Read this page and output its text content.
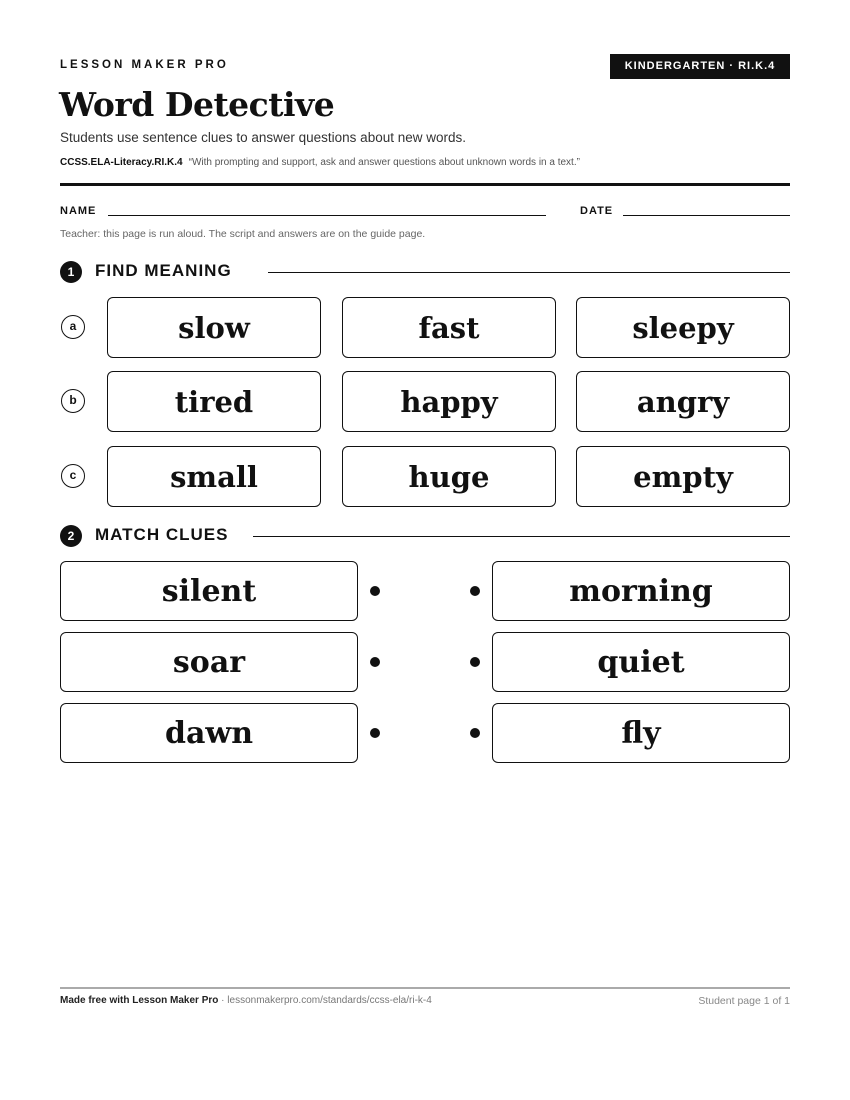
LESSON MAKER PRO	KINDERGARTEN · RI.K.4
Word Detective

Students use sentence clues to answer questions about new words.

CCSS.ELA-Literacy.RI.K.4 “With prompting and support, ask and answer questions about unknown words in a text.”
NAME	DATE
Teacher: this page is run aloud. The script and answers are on the guide page.
1	FIND MEANING
a	slow	fast	sleepy
b	tired	happy	angry
c	small	huge	empty
2	MATCH CLUES
silent	morning
soar	quiet
dawn	fly
Made free with Lesson Maker Pro · lessonmakerpro.com/standards/ccss-ela/ri-k-4	Student page 1 of 1
